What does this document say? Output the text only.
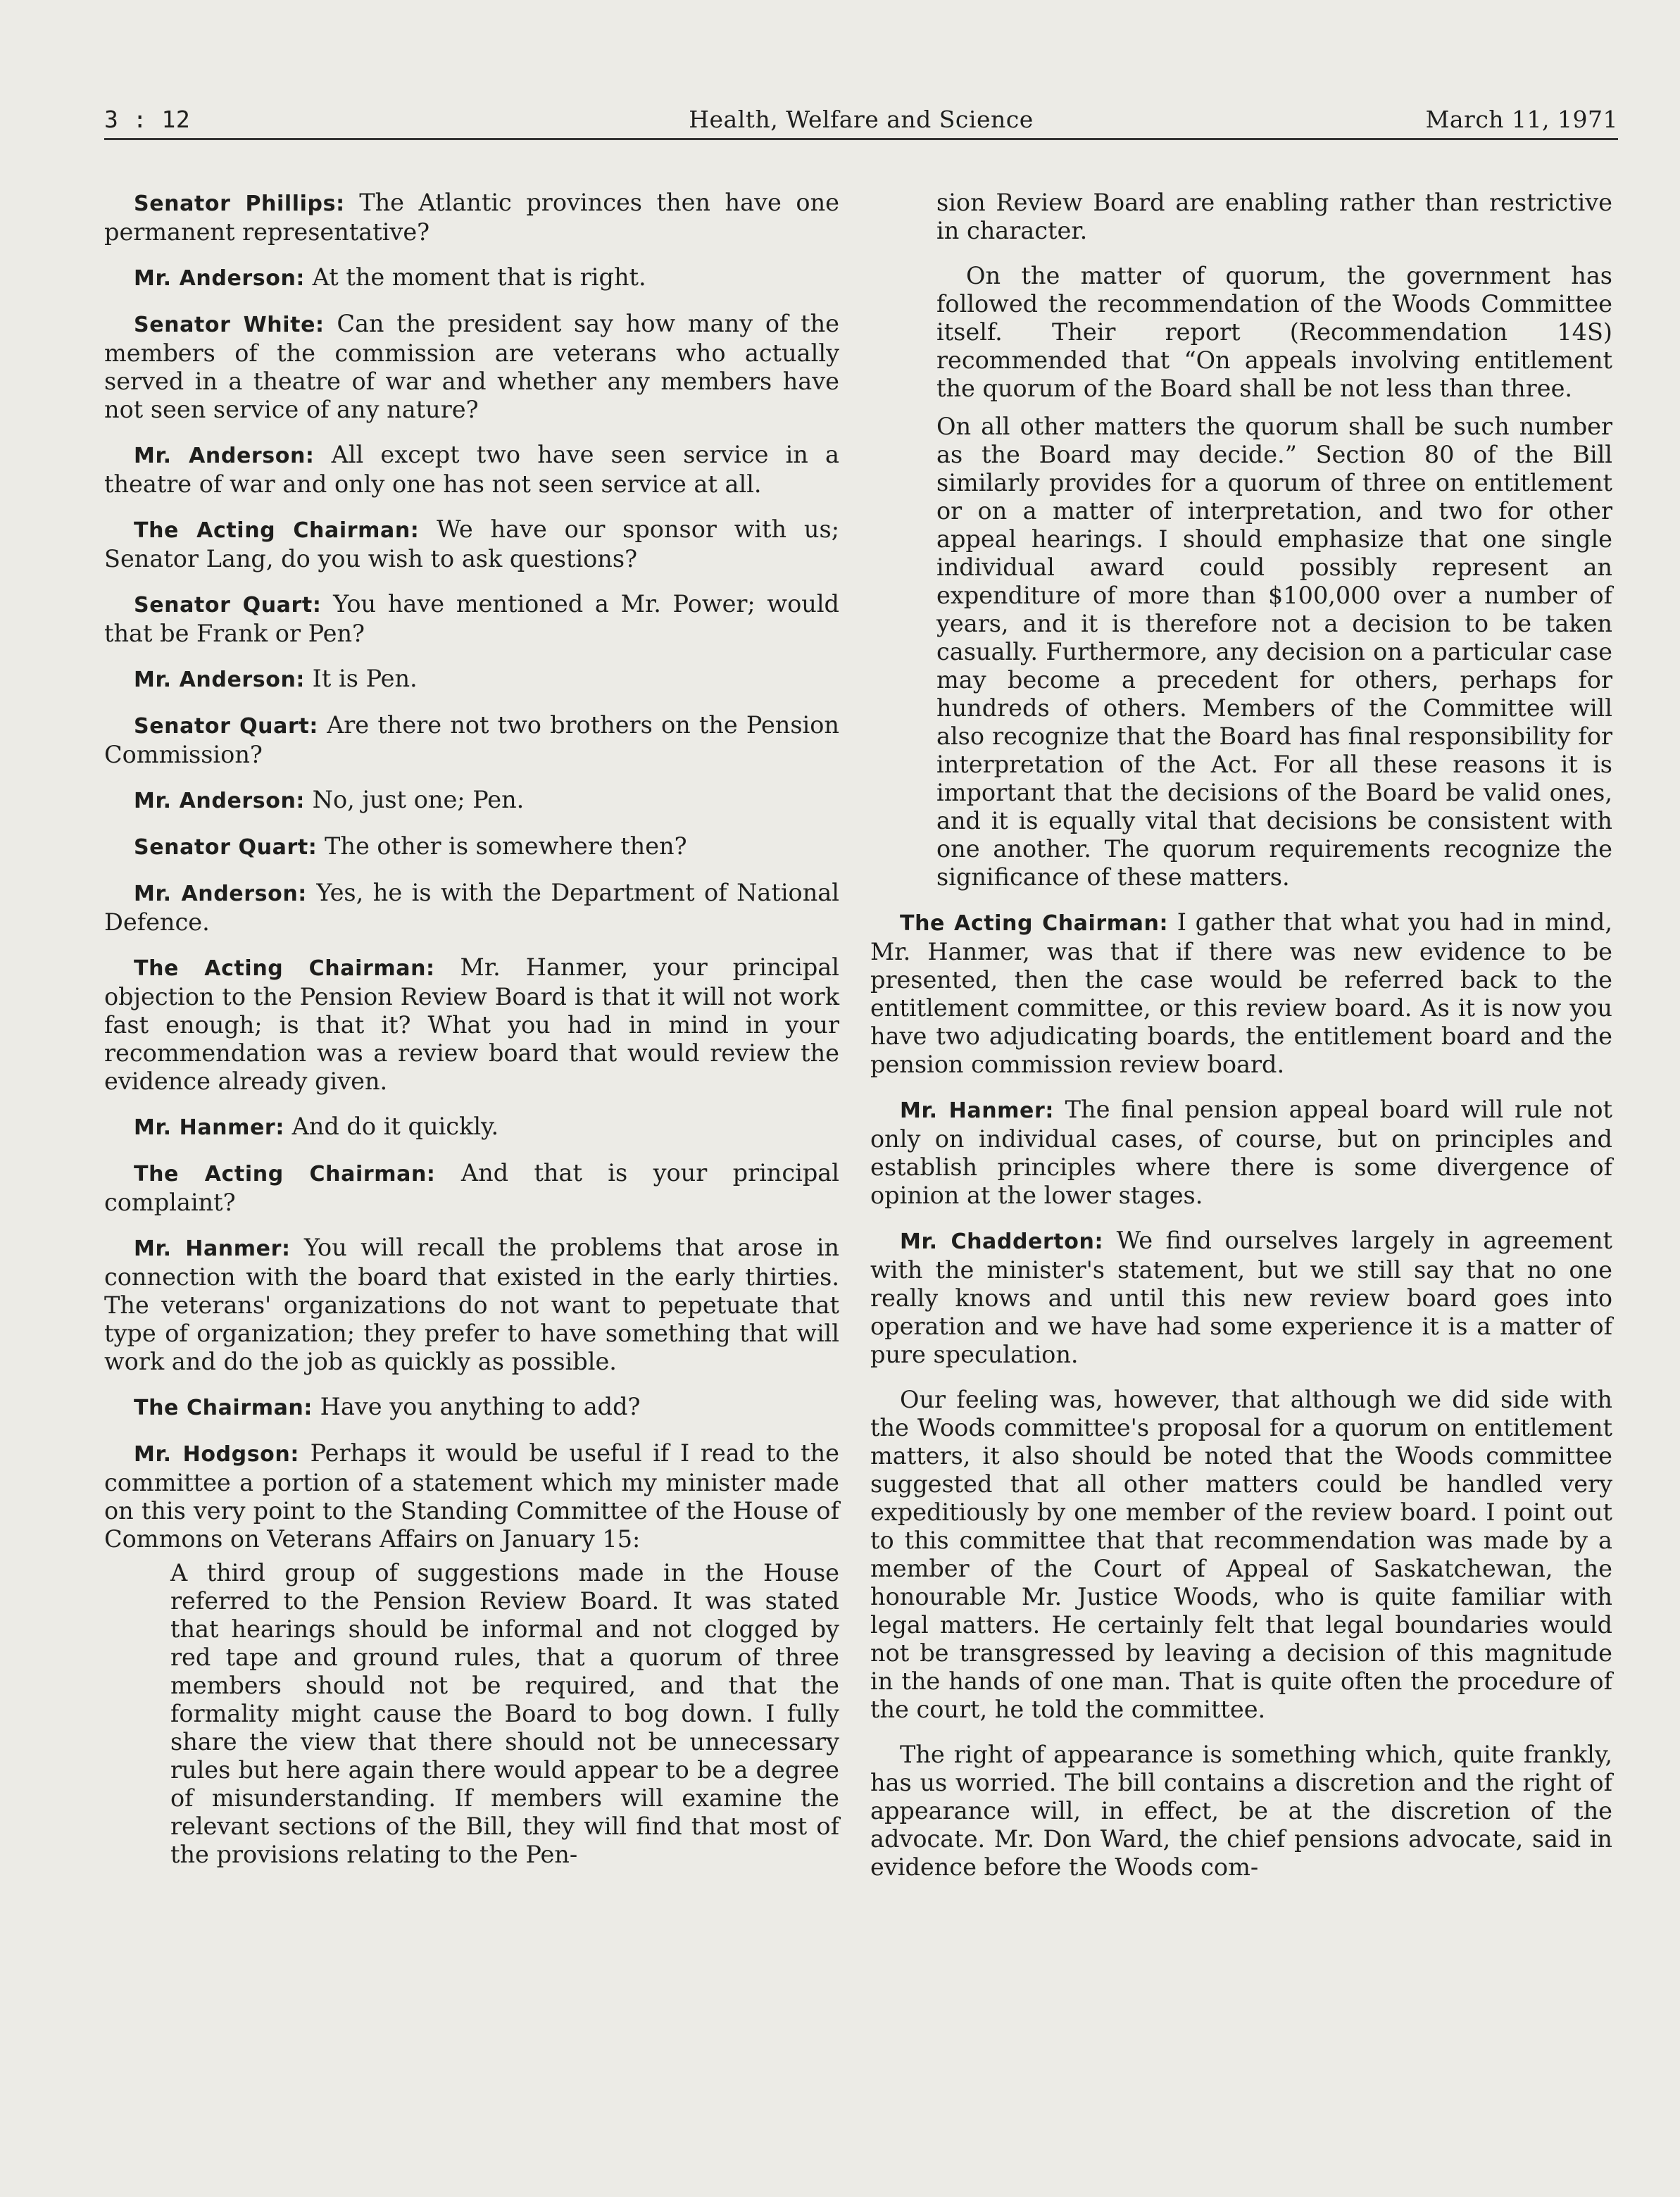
3 : 12	Health, Welfare and Science	March 11, 1971

Senator Phillips: The Atlantic provinces then have one permanent representative?

Mr. Anderson: At the moment that is right.

Senator White: Can the president say how many of the members of the commission are veterans who actually served in a theatre of war and whether any members have not seen service of any nature?

Mr. Anderson: All except two have seen service in a theatre of war and only one has not seen service at all.

The Acting Chairman: We have our sponsor with us; Senator Lang, do you wish to ask questions?

Senator Quart: You have mentioned a Mr. Power; would that be Frank or Pen?

Mr. Anderson: It is Pen.

Senator Quart: Are there not two brothers on the Pension Commission?

Mr. Anderson: No, just one; Pen.

Senator Quart: The other is somewhere then?

Mr. Anderson: Yes, he is with the Department of National Defence.

The Acting Chairman: Mr. Hanmer, your principal objection to the Pension Review Board is that it will not work fast enough; is that it? What you had in mind in your recommendation was a review board that would review the evidence already given.

Mr. Hanmer: And do it quickly.

The Acting Chairman: And that is your principal complaint?

Mr. Hanmer: You will recall the problems that arose in connection with the board that existed in the early thirties. The veterans' organizations do not want to pepetuate that type of organization; they prefer to have something that will work and do the job as quickly as possible.

The Chairman: Have you anything to add?

Mr. Hodgson: Perhaps it would be useful if I read to the committee a portion of a statement which my minister made on this very point to the Standing Committee of the House of Commons on Veterans Affairs on January 15:

A third group of suggestions made in the House referred to the Pension Review Board. It was stated that hearings should be informal and not clogged by red tape and ground rules, that a quorum of three members should not be required, and that the formality might cause the Board to bog down. I fully share the view that there should not be unnecessary rules but here again there would appear to be a degree of misunderstanding. If members will examine the relevant sections of the Bill, they will find that most of the provisions relating to the Pen-

sion Review Board are enabling rather than restrictive in character.

On the matter of quorum, the government has followed the recommendation of the Woods Committee itself. Their report (Recommendation 14S) recommended that “On appeals involving entitlement the quorum of the Board shall be not less than three.

On all other matters the quorum shall be such number as the Board may decide.” Section 80 of the Bill similarly provides for a quorum of three on entitlement or on a matter of interpretation, and two for other appeal hearings. I should emphasize that one single individual award could possibly represent an expenditure of more than $100,000 over a number of years, and it is therefore not a decision to be taken casually. Furthermore, any decision on a particular case may become a precedent for others, perhaps for hundreds of others. Members of the Committee will also recognize that the Board has final responsibility for interpretation of the Act. For all these reasons it is important that the decisions of the Board be valid ones, and it is equally vital that decisions be consistent with one another. The quorum requirements recognize the significance of these matters.

The Acting Chairman: I gather that what you had in mind, Mr. Hanmer, was that if there was new evidence to be presented, then the case would be referred back to the entitlement committee, or this review board. As it is now you have two adjudicating boards, the entitlement board and the pension commission review board.

Mr. Hanmer: The final pension appeal board will rule not only on individual cases, of course, but on principles and establish principles where there is some divergence of opinion at the lower stages.

Mr. Chadderton: We find ourselves largely in agreement with the minister's statement, but we still say that no one really knows and until this new review board goes into operation and we have had some experience it is a matter of pure speculation.

Our feeling was, however, that although we did side with the Woods committee's proposal for a quorum on entitlement matters, it also should be noted that the Woods committee suggested that all other matters could be handled very expeditiously by one member of the review board. I point out to this committee that that recommendation was made by a member of the Court of Appeal of Saskatchewan, the honourable Mr. Justice Woods, who is quite familiar with legal matters. He certainly felt that legal boundaries would not be transgressed by leaving a decision of this magnitude in the hands of one man. That is quite often the procedure of the court, he told the committee.

The right of appearance is something which, quite frankly, has us worried. The bill contains a discretion and the right of appearance will, in effect, be at the discretion of the advocate. Mr. Don Ward, the chief pensions advocate, said in evidence before the Woods com-
